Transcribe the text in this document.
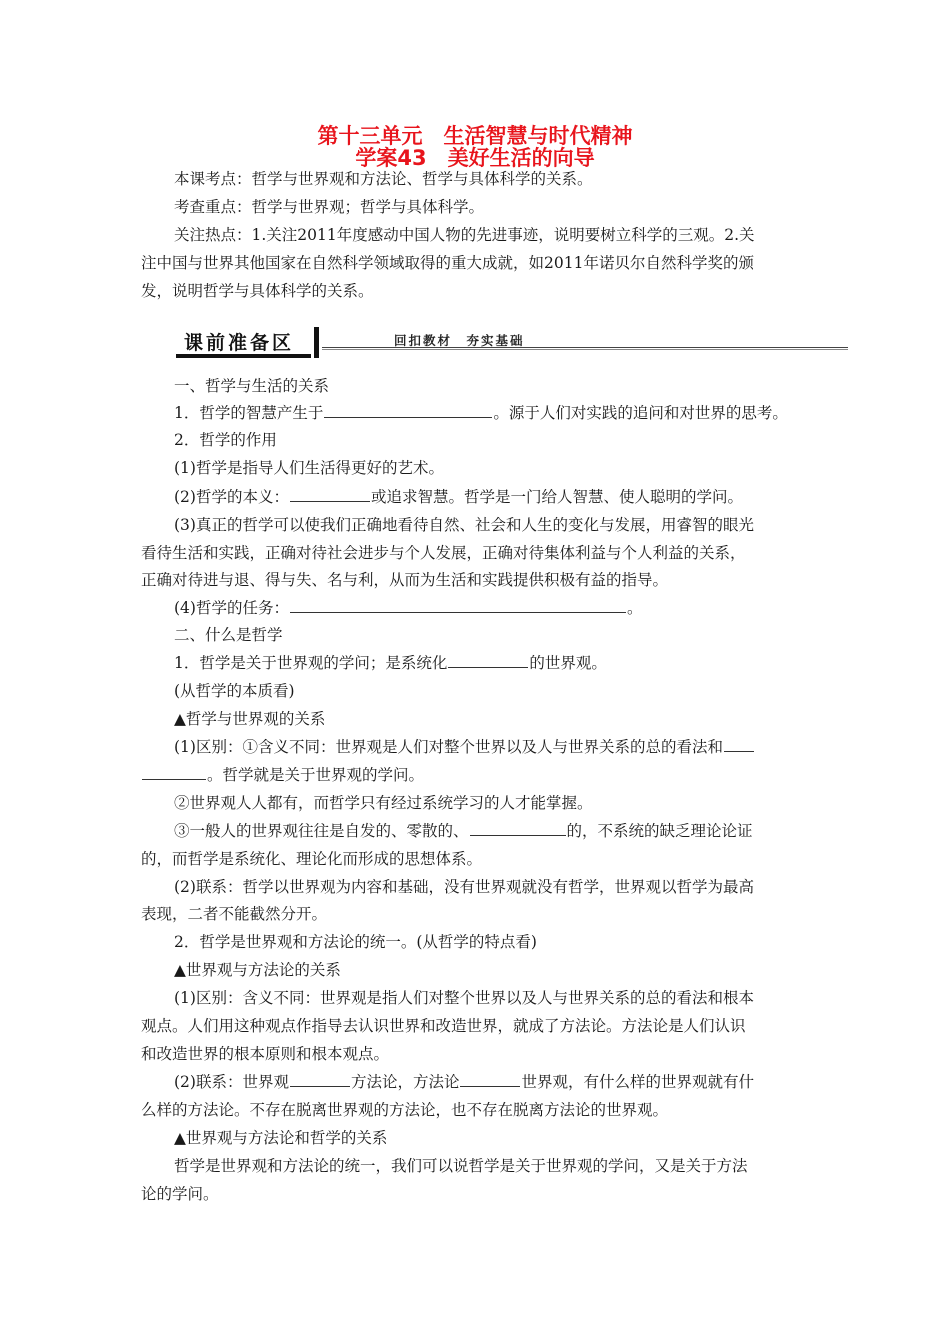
第十三单元　生活智慧与时代精神
学案43　美好生活的向导
本课考点：哲学与世界观和方法论、哲学与具体科学的关系。
考查重点：哲学与世界观；哲学与具体科学。
关注热点：1.关注2011年度感动中国人物的先进事迹，说明要树立科学的三观。2.关
注中国与世界其他国家在自然科学领域取得的重大成就，如2011年诺贝尔自然科学奖的颁
发，说明哲学与具体科学的关系。
课前准备区	回扣教材　夯实基础
一、哲学与生活的关系
1．哲学的智慧产生于	。源于人们对实践的追问和对世界的思考。
2．哲学的作用
(1)哲学是指导人们生活得更好的艺术。
(2)哲学的本义：	或追求智慧。哲学是一门给人智慧、使人聪明的学问。
(3)真正的哲学可以使我们正确地看待自然、社会和人生的变化与发展，用睿智的眼光
看待生活和实践，正确对待社会进步与个人发展，正确对待集体利益与个人利益的关系，
正确对待进与退、得与失、名与利，从而为生活和实践提供积极有益的指导。
(4)哲学的任务：	。
二、什么是哲学
1．哲学是关于世界观的学问；是系统化	的世界观。
(从哲学的本质看)
▲哲学与世界观的关系
(1)区别：①含义不同：世界观是人们对整个世界以及人与世界关系的总的看法和
。哲学就是关于世界观的学问。
②世界观人人都有，而哲学只有经过系统学习的人才能掌握。
③一般人的世界观往往是自发的、零散的、	的，不系统的缺乏理论论证
的，而哲学是系统化、理论化而形成的思想体系。
(2)联系：哲学以世界观为内容和基础，没有世界观就没有哲学，世界观以哲学为最高
表现，二者不能截然分开。
2．哲学是世界观和方法论的统一。(从哲学的特点看)
▲世界观与方法论的关系
(1)区别：含义不同：世界观是指人们对整个世界以及人与世界关系的总的看法和根本
观点。人们用这种观点作指导去认识世界和改造世界，就成了方法论。方法论是人们认识
和改造世界的根本原则和根本观点。
(2)联系：世界观	方法论，方法论	世界观，有什么样的世界观就有什
么样的方法论。不存在脱离世界观的方法论，也不存在脱离方法论的世界观。
▲世界观与方法论和哲学的关系
哲学是世界观和方法论的统一，我们可以说哲学是关于世界观的学问，又是关于方法
论的学问。
